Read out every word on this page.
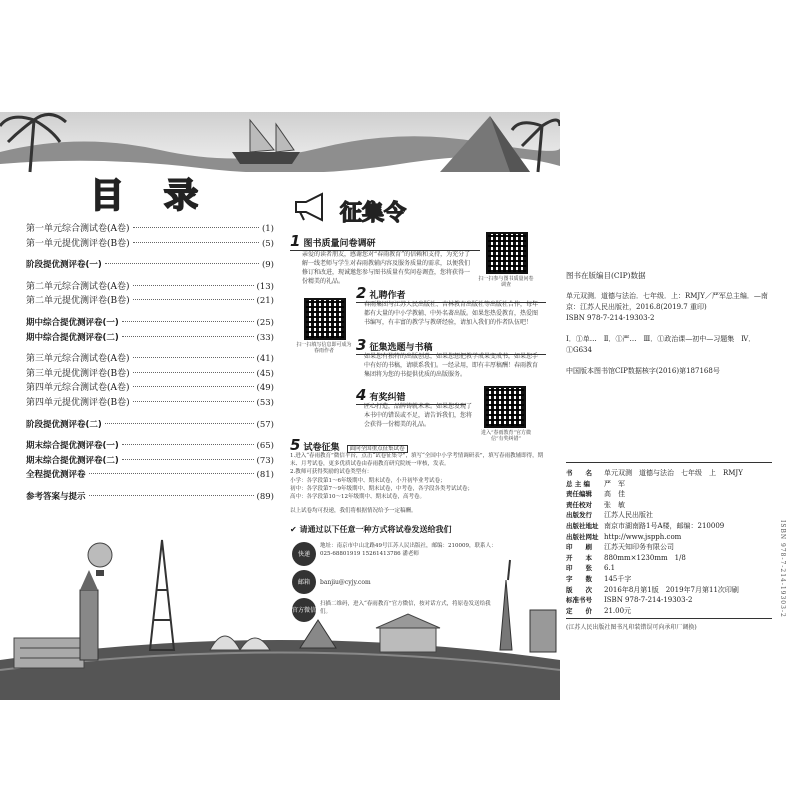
目录
第一单元综合测试卷(A卷)	(1)
第一单元提优测评卷(B卷)	(5)
阶段提优测评卷(一)	(9)
第二单元综合测试卷(A卷)	(13)
第二单元提优测评卷(B卷)	(21)
期中综合提优测评卷(一)	(25)
期中综合提优测评卷(二)	(33)
第三单元综合测试卷(A卷)	(41)
第三单元提优测评卷(B卷)	(45)
第四单元综合测试卷(A卷)	(49)
第四单元提优测评卷(B卷)	(53)
阶段提优测评卷(二)	(57)
期末综合提优测评卷(一)	(65)
期末综合提优测评卷(二)	(73)
全程提优测评卷	(81)
参考答案与提示	(89)
征集令
1 图书质量问卷调研
亲爱的读者朋友，感谢您对“春雨教育”的信赖和支持，为充分了解一线老师与学生对春雨教辅内容及服务质量的需求，以便我们修订和改进，现诚邀您参与图书质量有奖问卷调查，您将获得一份精美的礼品。	扫一扫参与图书质量问卷调查
2 礼聘作者
扫一扫填写信息即可成为春雨作者
春雨集团与江苏人民出版社、吉林教育出版社等出版社合作，每年都有大量的中小学教辅、中外名著出版。如果您热爱教育，热爱图书编写，有丰富的教学与教研经验，请加入我们的作者队伍吧！
3 征集选题与书稿
如果您有独特的出版创意，如果您想把教学成果变成书，如果您手中有好的书稿，请联系我们。一经录用，即有丰厚稿酬！春雨教育集团将为您的书提供优质的出版服务。
4 有奖纠错
匠心打造，品牌铸就未来。如果您发现了本书中的错误或不足，请告诉我们，您将会获得一份精美的礼品。
进入“春雨教育”官方微信“有奖纠错”
5 试卷征集 面向全国重点征集试卷
1.进入“春雨教育”微信平台，点击“试卷征集令”，填写“全国中小学考情调研表”，填写春雨教辅即得，期末、月考试卷，更多优质试卷由春雨教育研究院统一审核，发表。
2.教师可获得奖励的试卷类型有：
小学：各学段第1～6年级期中、期末试卷，小升初毕业考试卷；
初中：各学段第7～9年级期中、期末试卷，中考卷，各学段各类考试试卷；
高中：各学段第10～12年级期中、期末试卷，高考卷。
以上试卷均可投递，我们将根据情况给予一定稿酬。
✔ 请通过以下任意一种方式将试卷发送给我们
快递
地址：南京市中山北路49号江苏人民出版社，邮编：210009，联系人：025-68801919 15261413786 潘老师
邮箱	banjiu@cyjy.com
官方微信
扫描二维码，进入“春雨教育”官方微信，按对话方式，将原卷发送给我们。
图书在版编目(CIP)数据
单元双测．道德与法治．七年级．上：RMJY／严军总主编．—南京：江苏人民出版社，2016.8(2019.7 重印)
ISBN 978-7-214-19303-2
Ⅰ．①单…　Ⅱ．①严…　Ⅲ．①政治课—初中—习题集　Ⅳ．①G634
中国版本图书馆CIP数据核字(2016)第187168号
书　　名	单元双测　道德与法治　七年级　上　RMJY
总 主 编	严　军
责任编辑	高　佳
责任校对	张　敏
出版发行	江苏人民出版社
出版社地址 南京市湖南路1号A楼，邮编：210009
出版社网址 http://www.jspph.com
印　　刷	江苏天知印务有限公司
开　　本	880mm×1230mm　1/8
印　　张	6.1
字　　数	145千字
版　　次	2016年8月第1版　2019年7月第11次印刷
标准书号	ISBN 978-7-214-19303-2
定　　价	21.00元
(江苏人民出版社图书凡印装错误可向承印厂调换)
ISBN 978-7-214-19303-2
